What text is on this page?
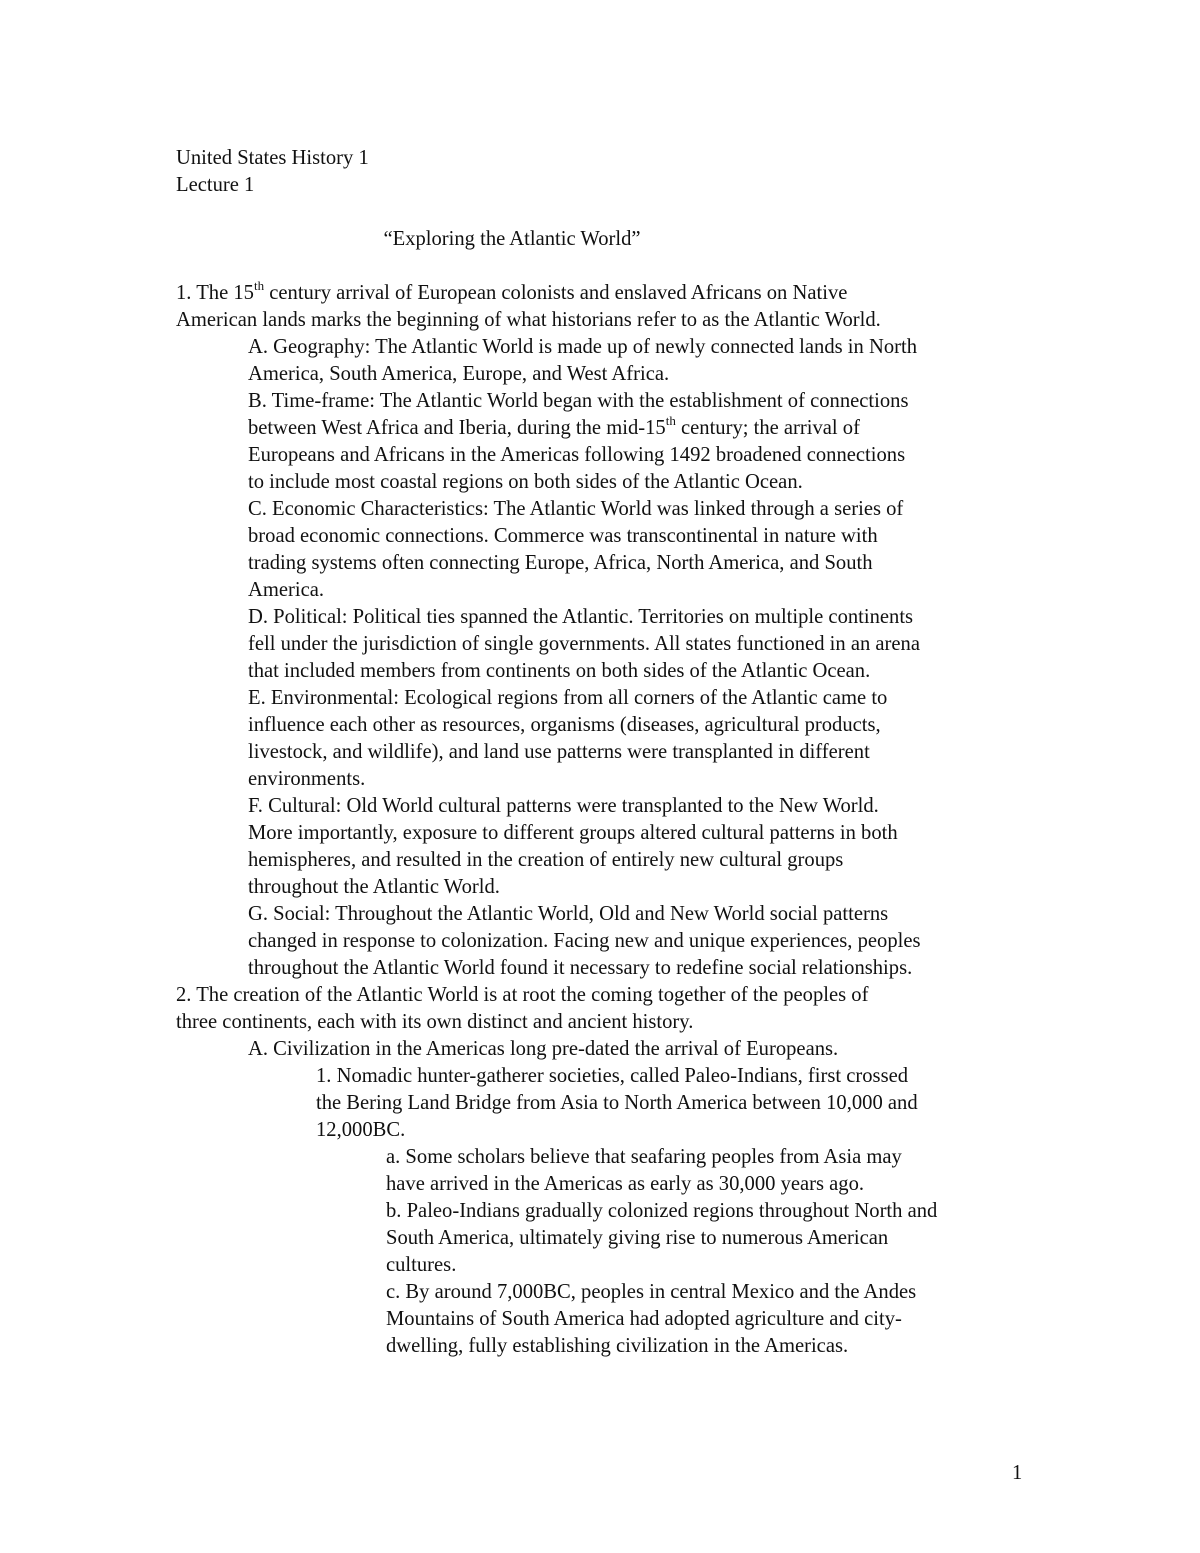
United States History 1
Lecture 1
“Exploring the Atlantic World”
1. The 15th century arrival of European colonists and enslaved Africans on Native
American lands marks the beginning of what historians refer to as the Atlantic World.
A. Geography: The Atlantic World is made up of newly connected lands in North
America, South America, Europe, and West Africa.
B. Time-frame: The Atlantic World began with the establishment of connections
between West Africa and Iberia, during the mid-15th century; the arrival of
Europeans and Africans in the Americas following 1492 broadened connections
to include most coastal regions on both sides of the Atlantic Ocean.
C. Economic Characteristics: The Atlantic World was linked through a series of
broad economic connections. Commerce was transcontinental in nature with
trading systems often connecting Europe, Africa, North America, and South
America.
D. Political: Political ties spanned the Atlantic. Territories on multiple continents
fell under the jurisdiction of single governments. All states functioned in an arena
that included members from continents on both sides of the Atlantic Ocean.
E. Environmental: Ecological regions from all corners of the Atlantic came to
influence each other as resources, organisms (diseases, agricultural products,
livestock, and wildlife), and land use patterns were transplanted in different
environments.
F. Cultural: Old World cultural patterns were transplanted to the New World.
More importantly, exposure to different groups altered cultural patterns in both
hemispheres, and resulted in the creation of entirely new cultural groups
throughout the Atlantic World.
G. Social: Throughout the Atlantic World, Old and New World social patterns
changed in response to colonization. Facing new and unique experiences, peoples
throughout the Atlantic World found it necessary to redefine social relationships.
2. The creation of the Atlantic World is at root the coming together of the peoples of
three continents, each with its own distinct and ancient history.
A. Civilization in the Americas long pre-dated the arrival of Europeans.
1. Nomadic hunter-gatherer societies, called Paleo-Indians, first crossed
the Bering Land Bridge from Asia to North America between 10,000 and
12,000BC.
a. Some scholars believe that seafaring peoples from Asia may
have arrived in the Americas as early as 30,000 years ago.
b. Paleo-Indians gradually colonized regions throughout North and
South America, ultimately giving rise to numerous American
cultures.
c. By around 7,000BC, peoples in central Mexico and the Andes
Mountains of South America had adopted agriculture and city-
dwelling, fully establishing civilization in the Americas.
1
